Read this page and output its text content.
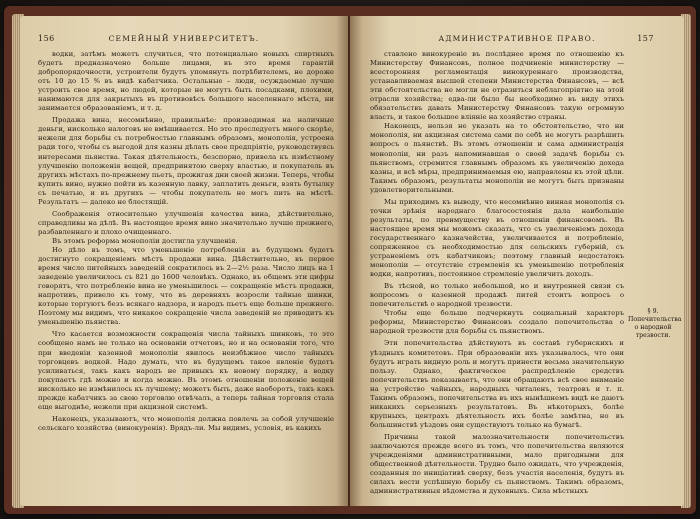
156	СЕМЕЙНЫЙ УНИВЕРСИТЕТЪ.

водки, затѣмъ можетъ случиться, что потенциально новыхъ спиртныхъ будетъ предназначено больше лицами, въ это время гарантій добропорядочности, устроители будутъ упомянуть потрѣбителемъ, не дороже отъ 10 до 15 % въ видѣ кабатчика. Остальные – люди, осуждаемые лучше устроить свое время, но людей, которые не могутъ быть посадками, плохими, нанимаются для закрытыхъ въ противовѣсъ большого населеннаго мѣста, ни занимается образованіемъ, и т. д.

Продажа вина, несомнѣнно, правильнѣе: производимая на наличные деньги, нисколько налоговъ не вмѣшивается. Но это преследуетъ много скорѣе, нежели для борьбы съ потребностью главнымъ образомъ, монополія, устроена ради того, чтобы съ выгодой для казны дѣлать свое предпріятіе, руководствуясь интересами пьянства. Такая дѣятельность, безспорно, привела къ извѣстному улучшенію положенія вещей, предпринятою сверху властью, и покупатель въ другихъ мѣстахъ по-прежнему пьетъ, прожигая дни своей жизни. Теперь, чтобы купить вино, нужно пойти въ казенную лавку, заплатить деньги, взять бутылку съ печатью, и въ другихъ — чтобы покупатель не могъ пить на мѣстѣ. Результатъ — далеко не блестящій.

Соображенія относительно улучшенія качества вина, дѣйствительно, справедливы на дѣлѣ. Въ настоящее время вино значительно лучше прежнего, разбавленнаго и плохо очищеннаго.

Въ этомъ реформа монополіи достигла улучшенія.

Но дѣло въ томъ, что уменьшеніе потребленія въ будущемъ будетъ достигнуто сокращеніемъ мѣстъ продажи вина. Дѣйствительно, въ первое время число питейныхъ заведеній сократилось въ 2—2½ раза. Число лицъ на 1 заведеніе увеличилось съ 821 до 1600 человѣкъ. Однако, въ общемъ эти цифры говорятъ, что потребленіе вина не уменьшилось — сокращеніе мѣстъ продажи, напротивъ, привело къ тому, что въ деревняхъ возросли тайные шинки, которые торгуютъ безъ всякаго надзора, и народъ пьетъ еще больше прежнего. Поэтому мы видимъ, что никакое сокращеніе числа заведеній не приводитъ къ уменьшенію пьянства.

Что касается возможности сокращенія числа тайныхъ шинковъ, то это сообщено намъ не только на основаніи отчетовъ, но и на основаніи того, что при введеніи казенной монополіи явилось неизбѣжное число тайныхъ торговцевъ водкой. Надо думать, что въ будущемъ такое явленіе будетъ усиливаться, такъ какъ народъ не привыкъ къ новому порядку, а водку покупаетъ гдѣ можно и когда можно. Въ этомъ отношеніи положеніе вещей нисколько не измѣнилось къ лучшему; можетъ быть, даже наоборотъ, такъ какъ прежде кабатчикъ за свою торговлю отвѣчалъ, а теперь тайная торговля стала еще выгоднѣе, нежели при акцизной системѣ.

Наконецъ, указываютъ, что монополія должна повлечь за собой улучшеніе сельскаго хозяйства (винокуренія). Врядъ-ли. Мы видимъ, условія, въ какихъ

АДМИНИСТРАТИВНОЕ ПРАВО.	157

ставлено винокуреніе въ послѣднее время по отношенію къ Министерству Финансовъ, полное подчиненіе министерству — всесторонняя регламентація винокуреннаго производства, устанавливаемая высшей степени Министерства Финансовъ, — всѣ эти обстоятельства не могли не отразиться неблагопріятно на этой отрасли хозяйства; едва-ли было бы необходимо въ виду этихъ обязательствъ давать Министерству Финансовъ такую огромную власть, и такое большое вліяніе на хозяйство страны.

Наконецъ, нельзя не указать на то обстоятельство, что ни монополія, ни акцизная система сами по себѣ не могутъ разрѣшить вопросъ о пьянствѣ. Въ этомъ отношеніи и сама администрація монополіи, ни разъ напоминавшая о своей задачѣ борьбы съ пьянствомъ, стремится главнымъ образомъ къ увеличенію дохода казны, и всѣ мѣры, предпринимаемыя ею, направлены къ этой цѣли. Такимъ образомъ, результаты монополіи не могутъ быть признаны удовлетворительными.

Мы приходимъ къ выводу, что несомнѣнно винная монополія съ точки зрѣнія народнаго благосостоянія дала наибольшіе результаты, по преимуществу въ отношеніи финансовомъ. Въ настоящее время мы можемъ сказать, что съ увеличеніемъ дохода государственнаго казначейства, увеличивается и потребленіе, сопряженное съ необходимостью для сельскихъ губерній, съ устраненіемъ отъ кабатчиковъ; поэтому главный недостатокъ монополіи — отсутствіе стремленія къ уменьшенію потребленія водки, напротивъ, постоянное стремленіе увеличить доходъ.

Въ тѣсной, но только небольшой, но и внутренней связи съ вопросомъ о казенной продажѣ питей стоитъ вопросъ о попечительствѣ о народной трезвости.

Чтобы еще больше подчеркнуть социальный характеръ реформы, Министерство Финансовъ создало попечительства о народной трезвости для борьбы съ пьянствомъ.

Эти попечительства дѣйствуютъ въ составѣ губернскихъ и уѣздныхъ комитетовъ. При образованіи ихъ указывалось, что они будутъ играть видную роль и могутъ принести весьма значительную пользу. Однако, фактическое распредѣленіе средствъ попечительствъ показываетъ, что они обращаютъ всѣ свое вниманіе на устройство чайныхъ, народныхъ читаленъ, театровъ и т. п. Такимъ образомъ, попечительства въ ихъ нынѣшнемъ видѣ не даютъ никакихъ серьезныхъ результатовъ. Въ нѣкоторыхъ, болѣе крупныхъ, центрахъ дѣятельность ихъ болѣе замѣтна, но въ большинствѣ уѣздовъ они существуютъ только на бумагѣ.

Причины такой малозначительности попечительствъ заключаются прежде всего въ томъ, что попечительства являются учрежденіями административными, мало пригодными для общественной дѣятельности. Трудно было ожидать, что учрежденія, созданныя по иниціативѣ сверху, безъ участія населенія, будутъ въ силахъ вести успѣшную борьбу съ пьянствомъ. Такимъ образомъ, административныя вѣдомства и духовныхъ. Сила мѣстныхъ

§ 9. Попечительства о народной трезвости.
